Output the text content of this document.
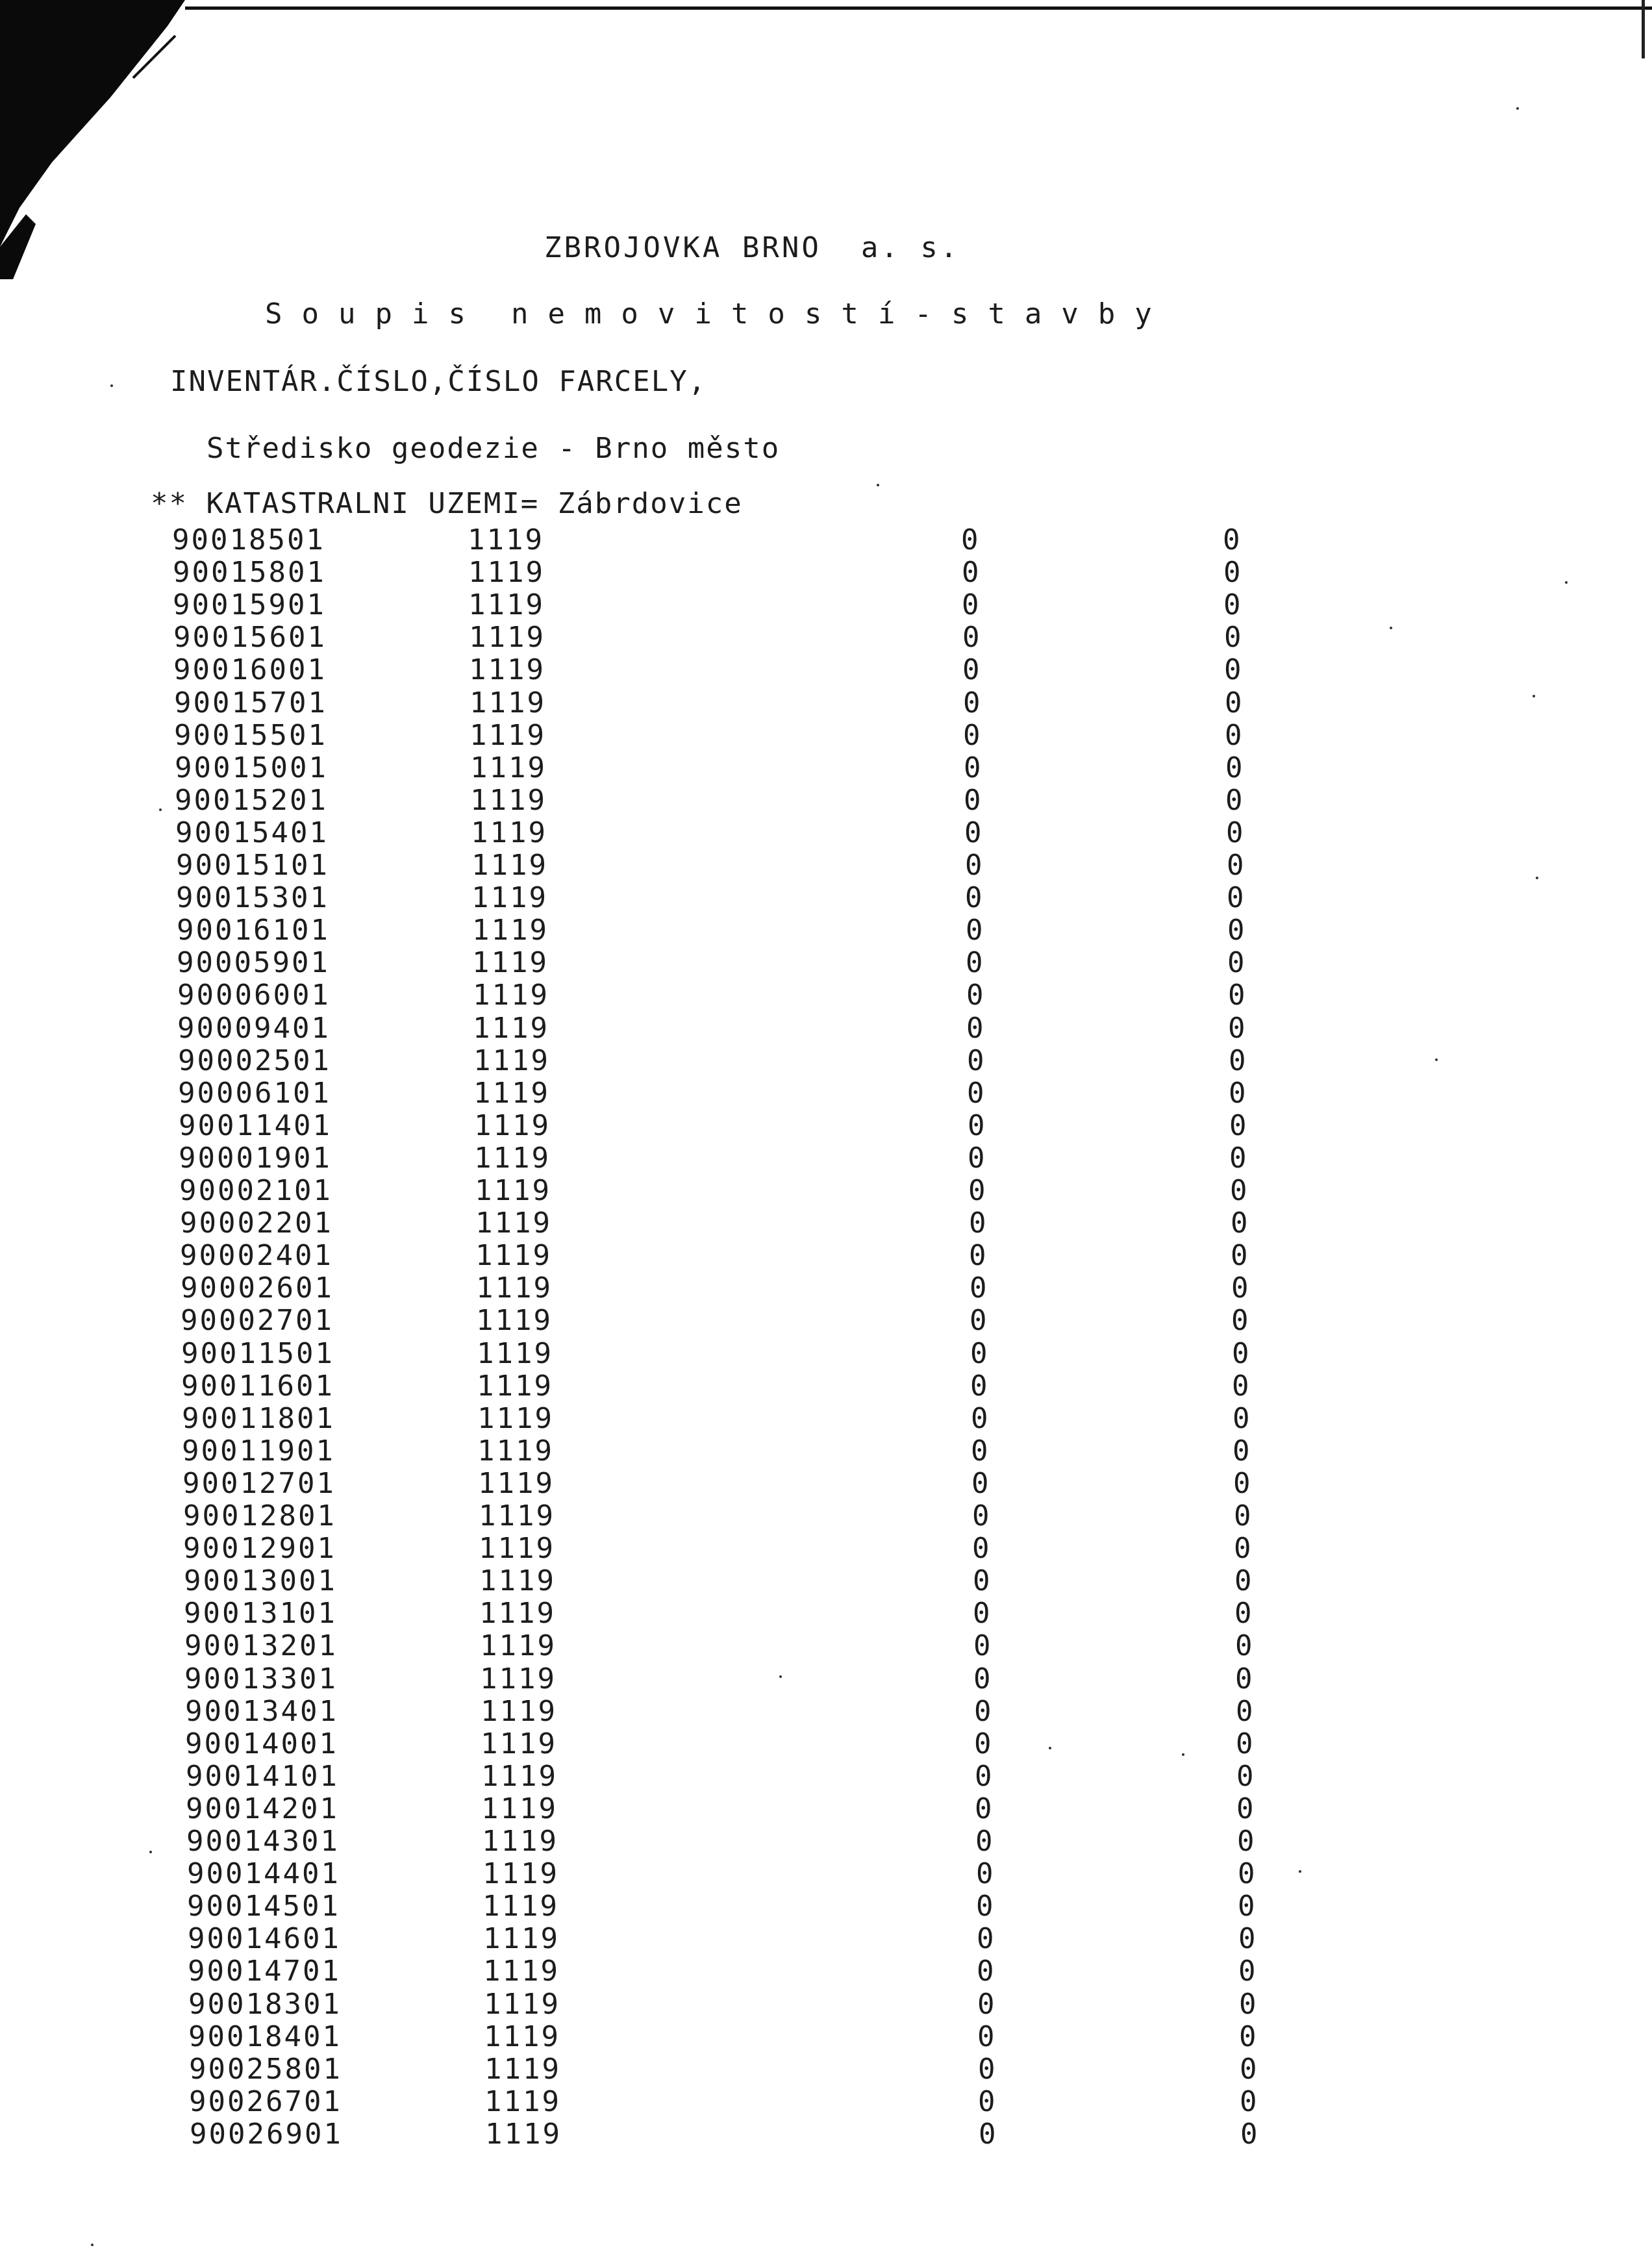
ZBROJOVKA BRNO  a. s.
Soupis nemovitostí-stavby
INVENTÁR.ČÍSLO,ČÍSLO FARCELY,
Středisko geodezie - Brno město
** KATASTRALNI UZEMI= Zábrdovice
90018501	1119	0	0
90015801	1119	0	0
90015901	1119	0	0
90015601	1119	0	0
90016001	1119	0	0
90015701	1119	0	0
90015501	1119	0	0
90015001	1119	0	0
90015201	1119	0	0
90015401	1119	0	0
90015101	1119	0	0
90015301	1119	0	0
90016101	1119	0	0
90005901	1119	0	0
90006001	1119	0	0
90009401	1119	0	0
90002501	1119	0	0
90006101	1119	0	0
90011401	1119	0	0
90001901	1119	0	0
90002101	1119	0	0
90002201	1119	0	0
90002401	1119	0	0
90002601	1119	0	0
90002701	1119	0	0
90011501	1119	0	0
90011601	1119	0	0
90011801	1119	0	0
90011901	1119	0	0
90012701	1119	0	0
90012801	1119	0	0
90012901	1119	0	0
90013001	1119	0	0
90013101	1119	0	0
90013201	1119	0	0
90013301	1119	0	0
90013401	1119	0	0
90014001	1119	0	0
90014101	1119	0	0
90014201	1119	0	0
90014301	1119	0	0
90014401	1119	0	0
90014501	1119	0	0
90014601	1119	0	0
90014701	1119	0	0
90018301	1119	0	0
90018401	1119	0	0
90025801	1119	0	0
90026701	1119	0	0
90026901	1119	0	0
